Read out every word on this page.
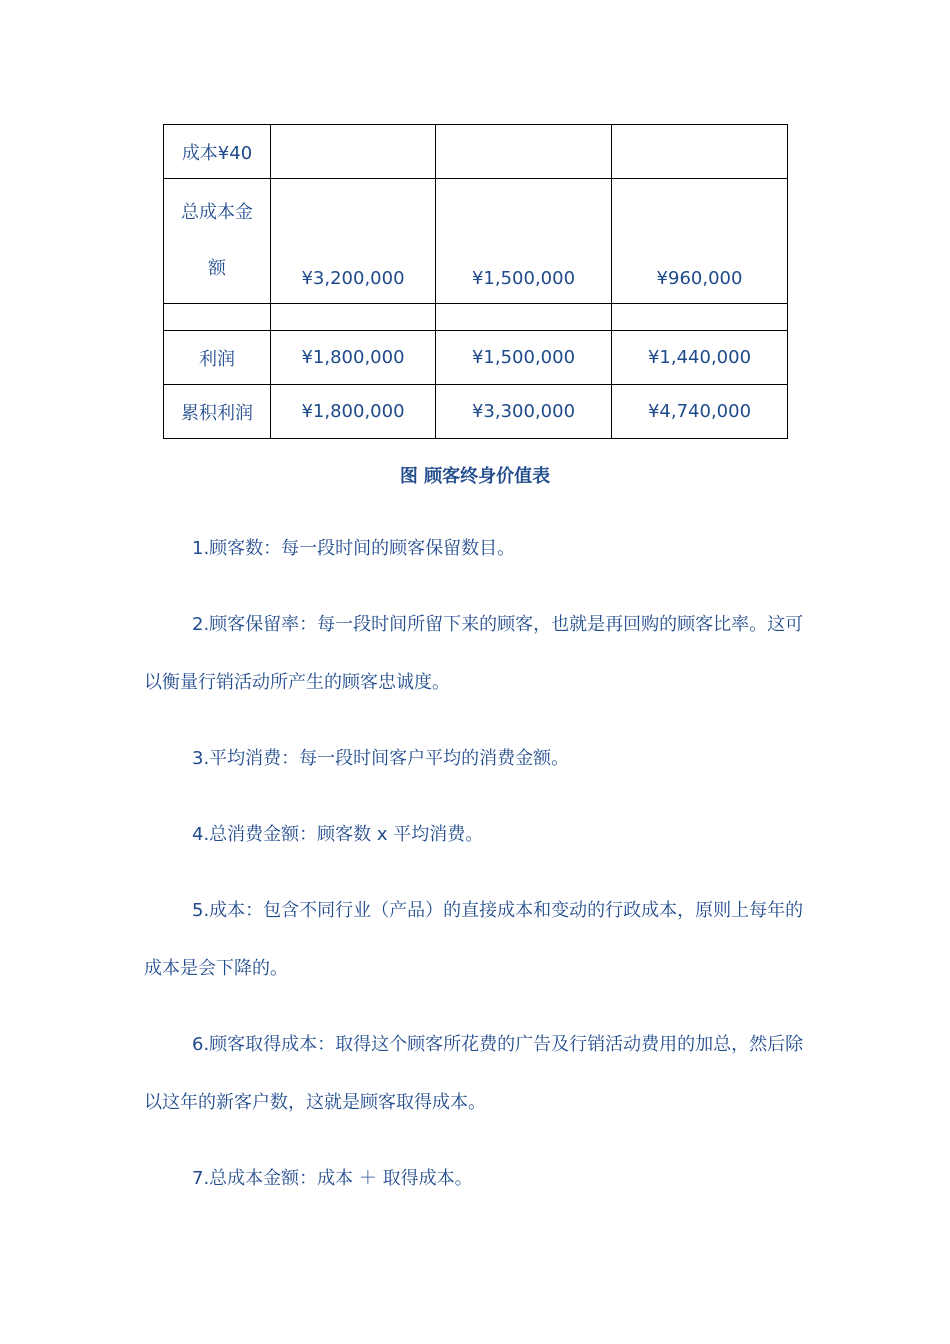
成本¥40			

总成本金
额	¥3,200,000	¥1,500,000	¥960,000

利润	¥1,800,000	¥1,500,000	¥1,440,000
累积利润	¥1,800,000	¥3,300,000	¥4,740,000
图 顾客终身价值表

1.顾客数：每一段时间的顾客保留数目。

2.顾客保留率：每一段时间所留下来的顾客，也就是再回购的顾客比率。这可以衡量行销活动所产生的顾客忠诚度。

3.平均消费：每一段时间客户平均的消费金额。

4.总消费金额：顾客数 x 平均消费。

5.成本：包含不同行业（产品）的直接成本和变动的行政成本，原则上每年的成本是会下降的。

6.顾客取得成本：取得这个顾客所花费的广告及行销活动费用的加总，然后除以这年的新客户数，这就是顾客取得成本。

7.总成本金额：成本 ＋ 取得成本。
